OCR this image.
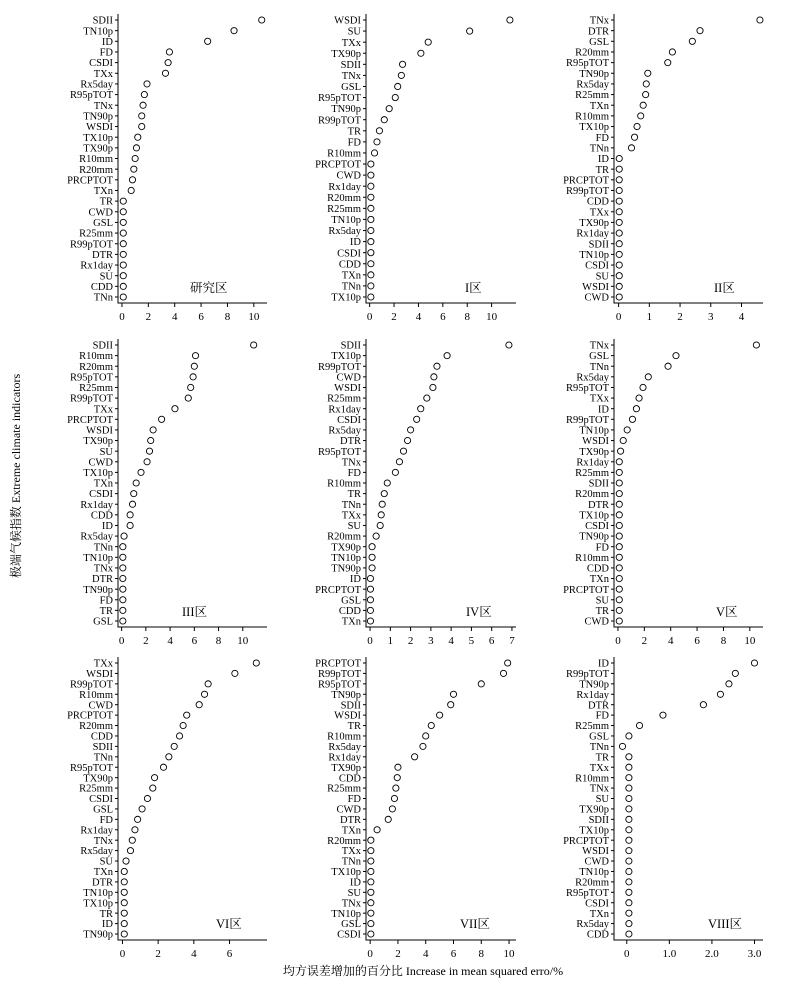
极端气候指数 Extreme climate indicators
均方误差增加的百分比 Increase in mean squared erro/%
0 2 4 6 8 10
SDII
TN10p
ID
FD
CSDI
TXx
Rx5day
R95pTOT
TNx
TN90p
WSDI
TX10p
TX90p
R10mm
R20mm
PRCPTOT
TXn
TR
CWD
GSL
R25mm
R99pTOT
DTR
Rx1day
SU
CDD
TNn
研究区
0 2 4 6 8 10
WSDI
SU
TXx
TX90p
SDII
TNx
GSL
R95pTOT
TN90p
R99pTOT
TR
FD
R10mm
PRCPTOT
CWD
Rx1day
R20mm
R25mm
TN10p
Rx5day
ID
CSDI
CDD
TXn
TNn
TX10p
I区
0 1 2 3 4
TNx
DTR
GSL
R20mm
R95pTOT
TN90p
Rx5day
R25mm
TXn
R10mm
TX10p
FD
TNn
ID
TR
PRCPTOT
R99pTOT
CDD
TXx
TX90p
Rx1day
SDII
TN10p
CSDI
SU
WSDI
CWD
II区
0 2 4 6 8 10
SDII
R10mm
R20mm
R95pTOT
R25mm
R99pTOT
TXx
PRCPTOT
WSDI
TX90p
SU
CWD
TX10p
TXn
CSDI
Rx1day
CDD
ID
Rx5day
TNn
TN10p
TNx
DTR
TN90p
FD
TR
GSL
III区
0 1 2 3 4 5 6 7
SDII
TX10p
R99pTOT
CWD
WSDI
R25mm
Rx1day
CSDI
Rx5day
DTR
R95pTOT
TNx
FD
R10mm
TR
TNn
TXx
SU
R20mm
TX90p
TN10p
TN90p
ID
PRCPTOT
GSL
CDD
TXn
IV区
0 2 4 6 8 10
TNx
GSL
TNn
Rx5day
R95pTOT
TXx
ID
R99pTOT
TN10p
WSDI
TX90p
Rx1day
R25mm
SDII
R20mm
DTR
TX10p
CSDI
TN90p
FD
R10mm
CDD
TXn
PRCPTOT
SU
TR
CWD
V区
0	2	4	6
TXx
WSDI
R99pTOT
R10mm
CWD
PRCPTOT
R20mm
CDD
SDII
TNn
R95pTOT
TX90p
R25mm
CSDI
GSL
FD
Rx1day
TNx
Rx5day
SU
TXn
DTR
TN10p
TX10p
TR
ID
TN90p
VI区
0 2 4 6 8 10
PRCPTOT
R99pTOT
R95pTOT
TN90p
SDII
WSDI
TR
R10mm
Rx5day
Rx1day
TX90p
CDD
R25mm
FD
CWD
DTR
TXn
R20mm
TXx
TNn
TX10p
ID
SU
TNx
TN10p
GSL
CSDI
VII区
0	1.0	2.0	3.0
ID
R99pTOT
TN90p
Rx1day
DTR
FD
R25mm
GSL
TNn
TR
TXx
R10mm
TNx
SU
TX90p
SDII
TX10p
PRCPTOT
WSDI
CWD
TN10p
R20mm
R95pTOT
CSDI
TXn
Rx5day
CDD
VIII区
